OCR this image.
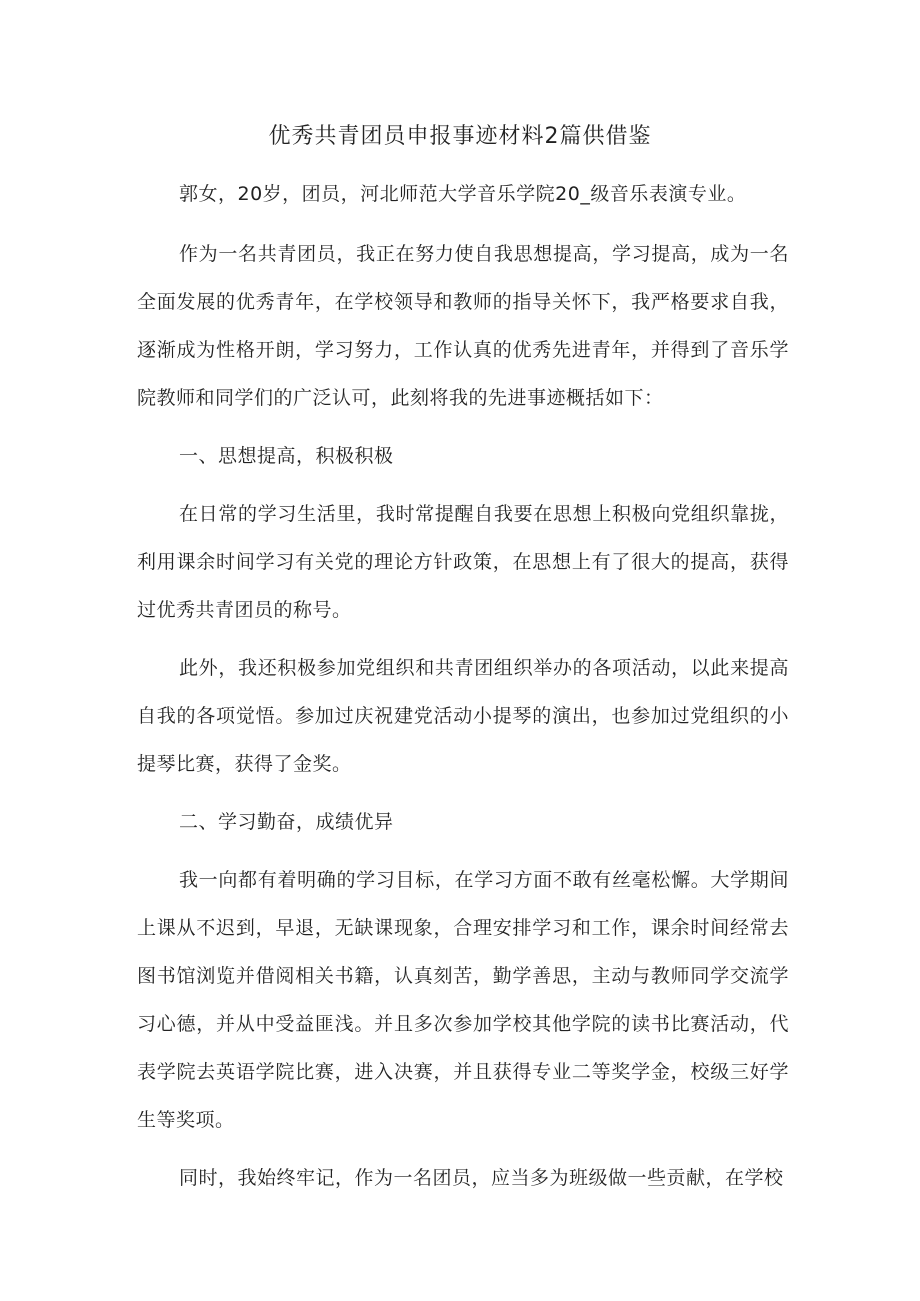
优秀共青团员申报事迹材料2篇供借鉴

郭女，20岁，团员，河北师范大学音乐学院20_级音乐表演专业。

作为一名共青团员，我正在努力使自我思想提高，学习提高，成为一名全面发展的优秀青年，在学校领导和教师的指导关怀下，我严格要求自我，逐渐成为性格开朗，学习努力，工作认真的优秀先进青年，并得到了音乐学院教师和同学们的广泛认可，此刻将我的先进事迹概括如下：

一、思想提高，积极积极

在日常的学习生活里，我时常提醒自我要在思想上积极向党组织靠拢，利用课余时间学习有关党的理论方针政策，在思想上有了很大的提高，获得过优秀共青团员的称号。

此外，我还积极参加党组织和共青团组织举办的各项活动，以此来提高自我的各项觉悟。参加过庆祝建党活动小提琴的演出，也参加过党组织的小提琴比赛，获得了金奖。

二、学习勤奋，成绩优异

我一向都有着明确的学习目标，在学习方面不敢有丝毫松懈。大学期间上课从不迟到，早退，无缺课现象，合理安排学习和工作，课余时间经常去图书馆浏览并借阅相关书籍，认真刻苦，勤学善思，主动与教师同学交流学习心德，并从中受益匪浅。并且多次参加学校其他学院的读书比赛活动，代表学院去英语学院比赛，进入决赛，并且获得专业二等奖学金，校级三好学生等奖项。

同时，我始终牢记，作为一名团员，应当多为班级做一些贡献，在学校
